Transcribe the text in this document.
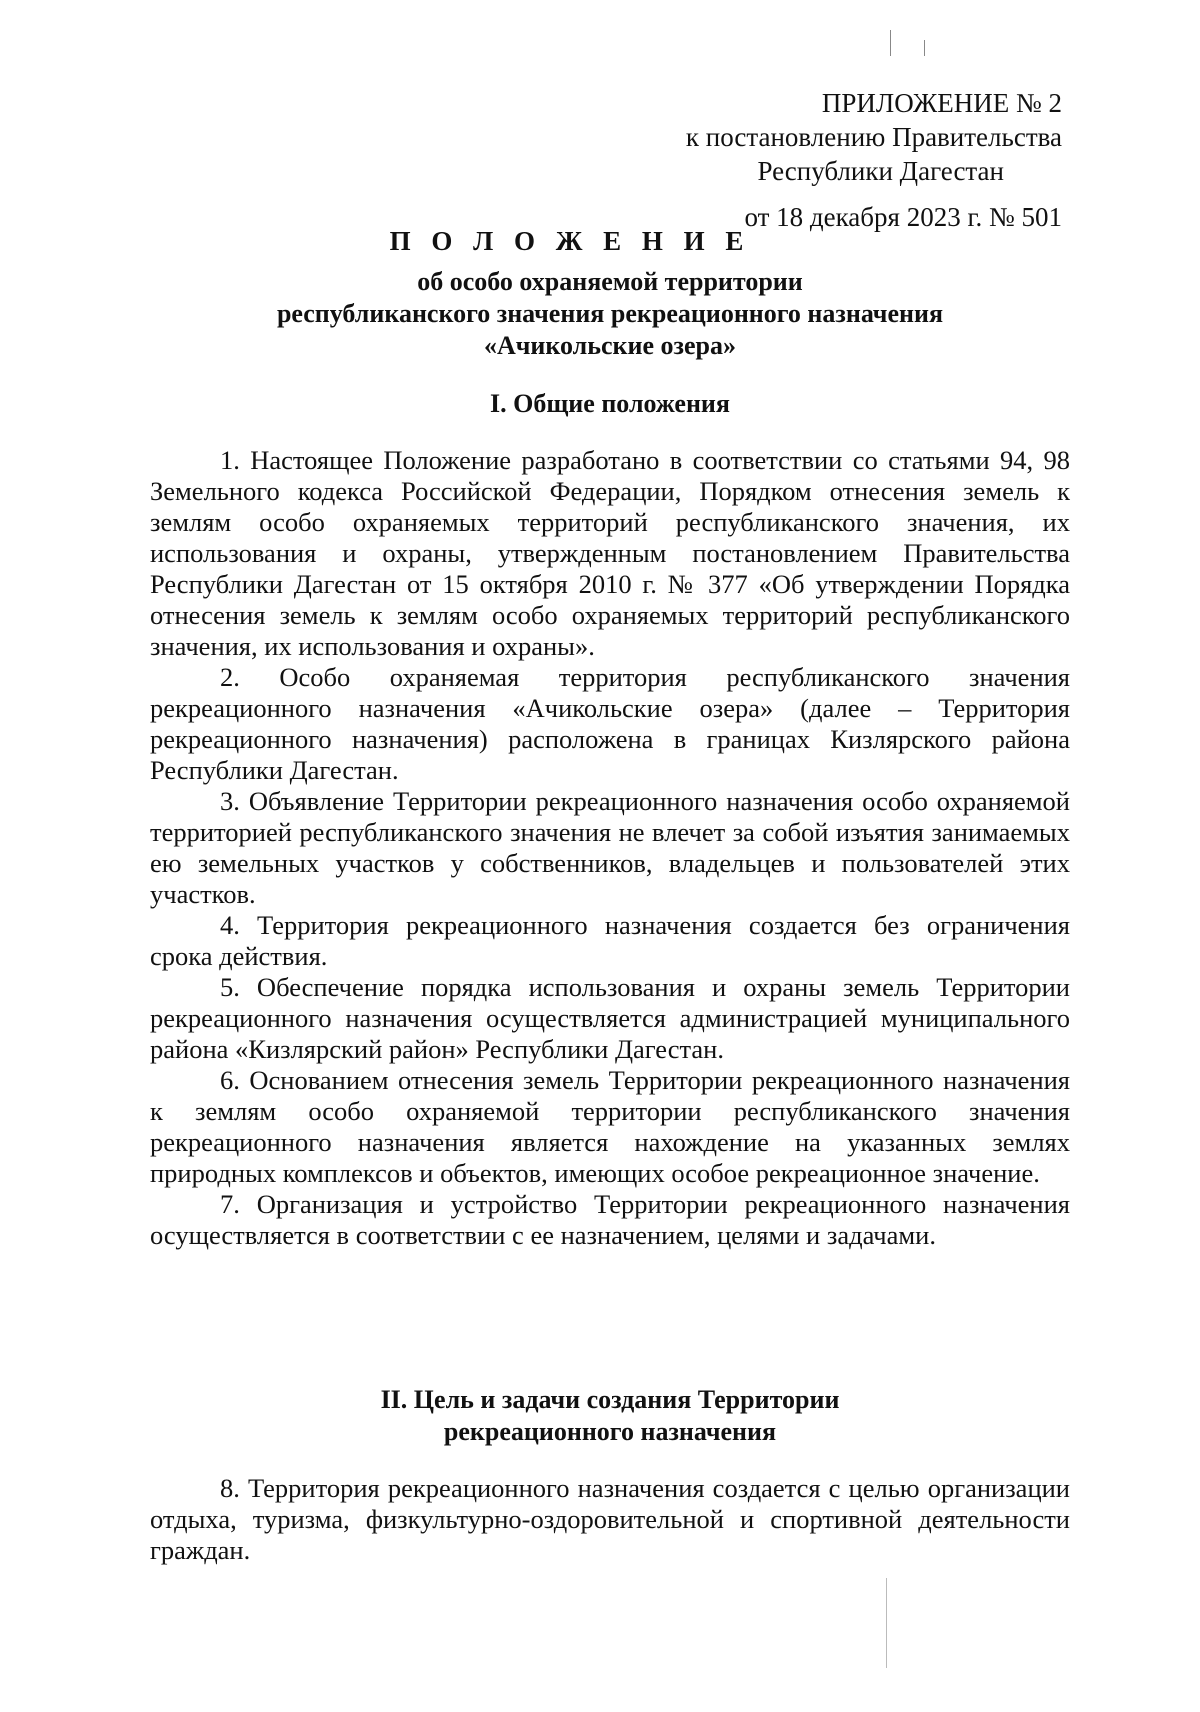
ПРИЛОЖЕНИЕ № 2
к постановлению Правительства
Республики Дагестан
от 18 декабря 2023 г. № 501
П О Л О Ж Е Н И Е
об особо охраняемой территории
республиканского значения рекреационного назначения
«Ачикольские озера»
I. Общие положения

1. Настоящее Положение разработано в соответствии со статьями 94, 98 Земельного кодекса Российской Федерации, Порядком отнесения земель к землям особо охраняемых территорий республиканского значения, их использования и охраны, утвержденным постановлением Правительства Республики Дагестан от 15 октября 2010 г. № 377 «Об утверждении Порядка отнесения земель к землям особо охраняемых территорий республиканского значения, их использования и охраны».

2. Особо охраняемая территория республиканского значения рекреационного назначения «Ачикольские озера» (далее – Территория рекреационного назначения) расположена в границах Кизлярского района Республики Дагестан.

3. Объявление Территории рекреационного назначения особо охраняемой территорией республиканского значения не влечет за собой изъятия занимаемых ею земельных участков у собственников, владельцев и пользователей этих участков.

4. Территория рекреационного назначения создается без ограничения срока действия.

5. Обеспечение порядка использования и охраны земель Территории рекреационного назначения осуществляется администрацией муниципального района «Кизлярский район» Республики Дагестан.

6. Основанием отнесения земель Территории рекреационного назначения к землям особо охраняемой территории республиканского значения рекреационного назначения является нахождение на указанных землях природных комплексов и объектов, имеющих особое рекреационное значение.

7. Организация и устройство Территории рекреационного назначения осуществляется в соответствии с ее назначением, целями и задачами.

II. Цель и задачи создания Территории
рекреационного назначения

8. Территория рекреационного назначения создается с целью организации отдыха, туризма, физкультурно-оздоровительной и спортивной деятельности граждан.
